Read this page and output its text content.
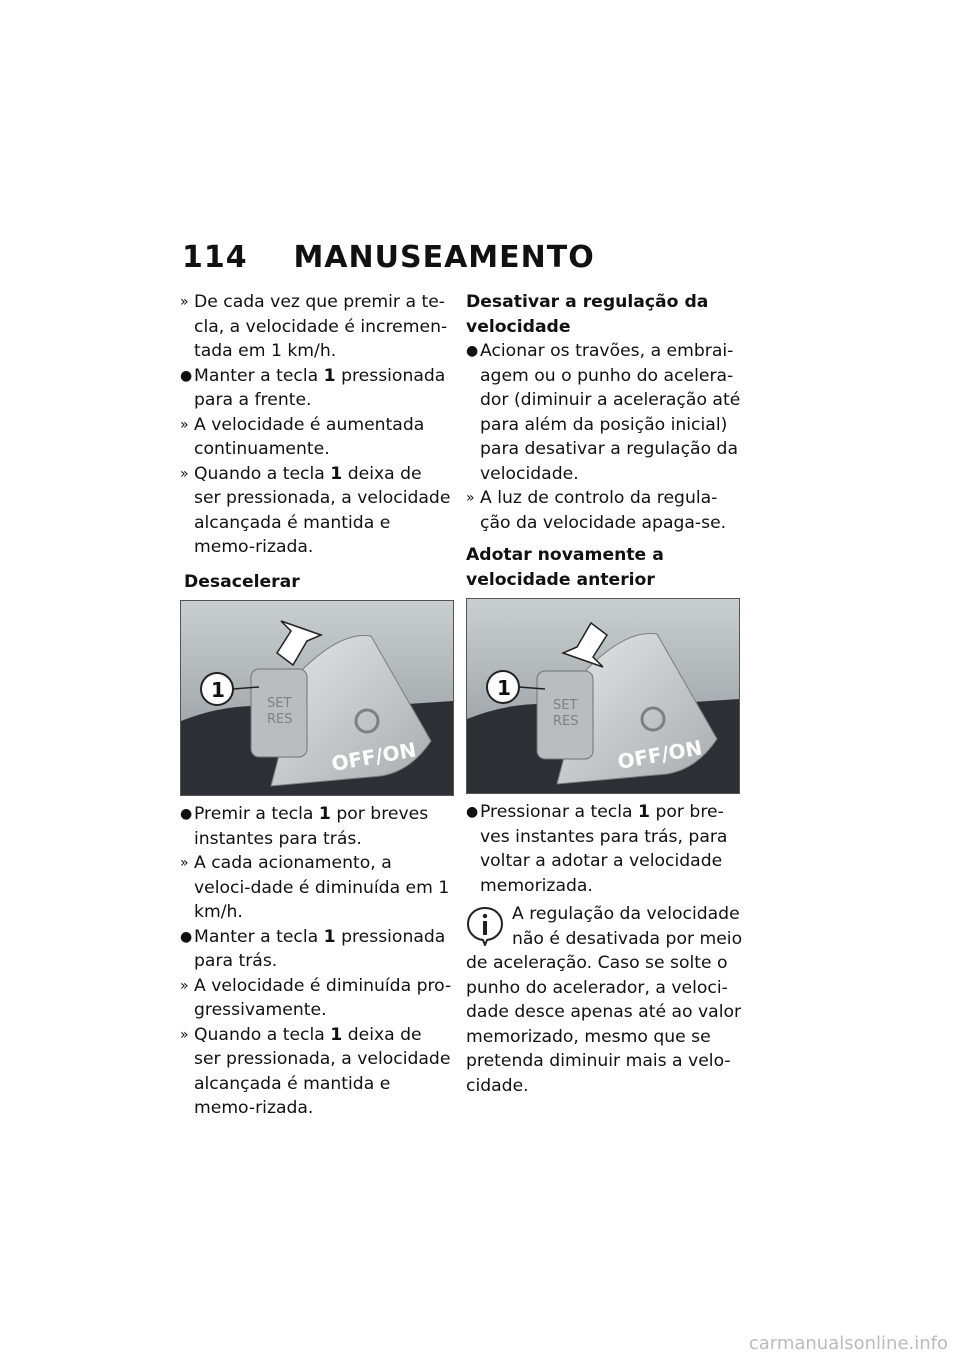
114 MANUSEAMENTO

» De cada vez que premir a te-cla, a velocidade é incremen-tada em 1 km/h.

● Manter a tecla 1 pressionada para a frente.

» A velocidade é aumentada continuamente.

» Quando a tecla 1 deixa de ser pressionada, a velocidade alcançada é mantida e memo-rizada.

Desacelerar
SET
RES
OFF/ON
1

● Premir a tecla 1 por breves instantes para trás.

» A cada acionamento, a veloci-dade é diminuída em 1 km/h.

● Manter a tecla 1 pressionada para trás.

» A velocidade é diminuída pro-gressivamente.

» Quando a tecla 1 deixa de ser pressionada, a velocidade alcançada é mantida e memo-rizada.

Desativar a regulação da velocidade

● Acionar os travões, a embrai-agem ou o punho do acelera-dor (diminuir a aceleração até para além da posição inicial) para desativar a regulação da velocidade.

» A luz de controlo da regula-ção da velocidade apaga-se.

Adotar novamente a velocidade anterior
SET
RES
OFF/ON
1

● Pressionar a tecla 1 por bre-ves instantes para trás, para voltar a adotar a velocidade memorizada.

A regulação da velocidade não é desativada por meio de aceleração. Caso se solte o punho do acelerador, a veloci-dade desce apenas até ao valor memorizado, mesmo que se pretenda diminuir mais a velo-cidade.
carmanualsonline.info
